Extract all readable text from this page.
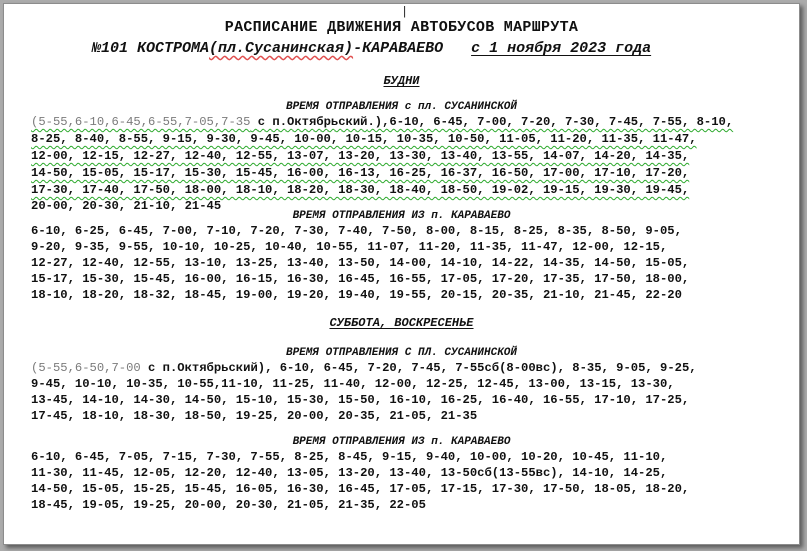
|

РАСПИСАНИЕ ДВИЖЕНИЯ АВТОБУСОВ МАРШРУТА

№101 КОСТРОМА(пл.Сусанинская)-КАРАВАЕВО с 1 ноября 2023 года

БУДНИ

ВРЕМЯ ОТПРАВЛЕНИЯ с пл. СУСАНИНСКОЙ

(5-55,6-10,6-45,6-55,7-05,7-35 с п.Октябрьский.),6-10, 6-45, 7-00, 7-20, 7-30, 7-45, 7-55, 8-10,

8-25, 8-40, 8-55, 9-15, 9-30, 9-45, 10-00, 10-15, 10-35, 10-50, 11-05, 11-20, 11-35, 11-47,

12-00, 12-15, 12-27, 12-40, 12-55, 13-07, 13-20, 13-30, 13-40, 13-55, 14-07, 14-20, 14-35,

14-50, 15-05, 15-17, 15-30, 15-45, 16-00, 16-13, 16-25, 16-37, 16-50, 17-00, 17-10, 17-20,

17-30, 17-40, 17-50, 18-00, 18-10, 18-20, 18-30, 18-40, 18-50, 19-02, 19-15, 19-30, 19-45,

20-00, 20-30, 21-10, 21-45

ВРЕМЯ ОТПРАВЛЕНИЯ ИЗ п. КАРАВАЕВО

6-10, 6-25, 6-45, 7-00, 7-10, 7-20, 7-30, 7-40, 7-50, 8-00, 8-15, 8-25, 8-35, 8-50, 9-05,

9-20, 9-35, 9-55, 10-10, 10-25, 10-40, 10-55, 11-07, 11-20, 11-35, 11-47, 12-00, 12-15,

12-27, 12-40, 12-55, 13-10, 13-25, 13-40, 13-50, 14-00, 14-10, 14-22, 14-35, 14-50, 15-05,

15-17, 15-30, 15-45, 16-00, 16-15, 16-30, 16-45, 16-55, 17-05, 17-20, 17-35, 17-50, 18-00,

18-10, 18-20, 18-32, 18-45, 19-00, 19-20, 19-40, 19-55, 20-15, 20-35, 21-10, 21-45, 22-20

СУББОТА, ВОСКРЕСЕНЬЕ

ВРЕМЯ ОТПРАВЛЕНИЯ С ПЛ. СУСАНИНСКОЙ

(5-55,6-50,7-00 с п.Октябрьский), 6-10, 6-45, 7-20, 7-45, 7-55сб(8-00вс), 8-35, 9-05, 9-25,

9-45, 10-10, 10-35, 10-55,11-10, 11-25, 11-40, 12-00, 12-25, 12-45, 13-00, 13-15, 13-30,

13-45, 14-10, 14-30, 14-50, 15-10, 15-30, 15-50, 16-10, 16-25, 16-40, 16-55, 17-10, 17-25,

17-45, 18-10, 18-30, 18-50, 19-25, 20-00, 20-35, 21-05, 21-35

ВРЕМЯ ОТПРАВЛЕНИЯ ИЗ п. КАРАВАЕВО

6-10, 6-45, 7-05, 7-15, 7-30, 7-55, 8-25, 8-45, 9-15, 9-40, 10-00, 10-20, 10-45, 11-10,

11-30, 11-45, 12-05, 12-20, 12-40, 13-05, 13-20, 13-40, 13-50сб(13-55вс), 14-10, 14-25,

14-50, 15-05, 15-25, 15-45, 16-05, 16-30, 16-45, 17-05, 17-15, 17-30, 17-50, 18-05, 18-20,

18-45, 19-05, 19-25, 20-00, 20-30, 21-05, 21-35, 22-05
